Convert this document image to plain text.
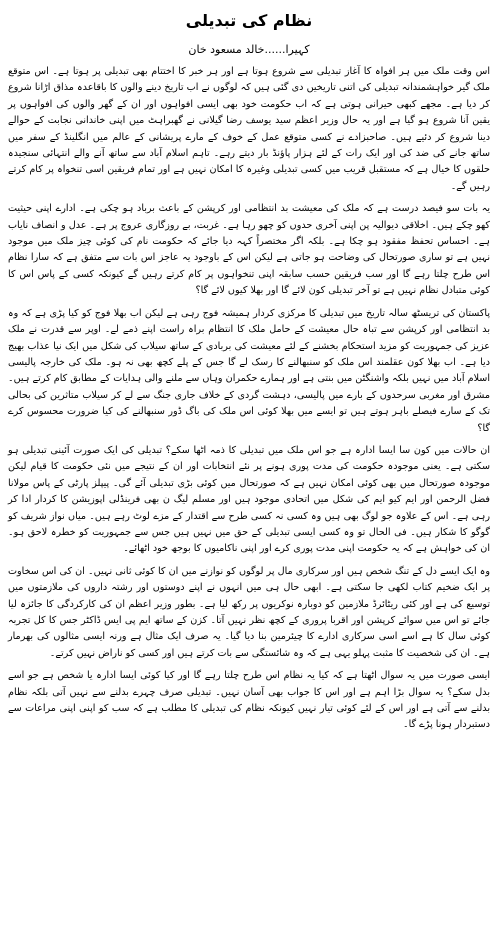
نظام کی تبدیلی
کہیرا......خالد مسعود خان
اس وقت ملک میں ہر افواہ کا آغاز تبدیلی سے شروع ہوتا ہے اور ہر خبر کا اختتام بھی تبدیلی پر ہوتا ہے۔ اس متوقع ملک گیر خواہشمندانہ تبدیلی کی اتنی تاریخیں دی گئی ہیں کہ لوگوں نے اب تاریخ دینے والوں کا باقاعدہ مذاق اڑانا شروع کر دیا ہے۔ مجھے کبھی حیرانی ہوتی ہے کہ اب حکومت خود بھی ایسی افواہوں اور ان کے گھر والوں کی افواہوں پر یقین آنا شروع ہو گیا ہے اور یہ حال وزیر اعظم سید یوسف رضا گیلانی نے گھبراہٹ میں اپنی خاندانی نجابت کے حوالے دینا شروع کر دئیے ہیں۔ صاحبزادے نے کسی متوقع عمل کے خوف کے مارے پریشانی کے عالم میں انگلینڈ کے سفر میں ساتھ جانے کی ضد کی اور ایک رات کے لئے ہزار پاؤنڈ بار دیتے رہے۔ تاہم اسلام آباد سے ساتھ آنے والے انتہائی سنجیدہ حلقوں کا خیال ہے کہ مستقبل قریب میں کسی تبدیلی وغیرہ کا امکان نہیں ہے اور تمام فریقین اسی تنخواہ پر کام کرتے رہیں گے۔
یہ بات سو فیصد درست ہے کہ ملک کی معیشت بد انتظامی اور کرپشن کے باعث برباد ہو چکی ہے۔ ادارے اپنی حیثیت کھو چکے ہیں۔ اخلاقی دیوالیہ پن اپنی آخری حدوں کو چھو رہا ہے۔ غربت، بے روزگاری عروج پر ہے۔ عدل و انصاف نایاب ہے۔ احساس تحفظ مفقود ہو چکا ہے۔ بلکہ اگر مختصراً کہہ دیا جائے کہ حکومت نام کی کوئی چیز ملک میں موجود نہیں ہے تو ساری صورتحال کی وضاحت ہو جاتی ہے لیکن اس کے باوجود یہ عاجز اس بات سے متفق ہے کہ سارا نظام اس طرح چلتا رہے گا اور سب فریقین حسب سابقہ اپنی تنخواہوں پر کام کرتے رہیں گے کیونکہ کسی کے پاس اس کا کوئی متبادل نظام نہیں ہے تو آخر تبدیلی کون لائے گا اور بھلا کیوں لائے گا؟
پاکستان کی تریسٹھ سالہ تاریخ میں تبدیلی کا مرکزی کردار ہمیشہ فوج رہی ہے لیکن اب بھلا فوج کو کیا پڑی ہے کہ وہ بد انتظامی اور کرپشن سے تباہ حال معیشت کے حامل ملک کا انتظام براہ راست اپنے ذمے لے۔ اوپر سے قدرت نے ملک عزیز کی جمہوریت کو مزید استحکام بخشنے کے لئے معیشت کی بربادی کے ساتھ سیلاب کی شکل میں ایک نیا عذاب بھیج دیا ہے۔ اب بھلا کون عقلمند اس ملک کو سنبھالنے کا رسک لے گا جس کے پلے کچھ بھی نہ ہو۔ ملک کی خارجہ پالیسی اسلام آباد میں نہیں بلکہ واشنگٹن میں بنتی ہے اور ہمارے حکمران وہاں سے ملنے والی ہدایات کے مطابق کام کرتے ہیں۔ مشرق اور مغربی سرحدوں کے بارے میں پالیسی، دہشت گردی کے خلاف جاری جنگ سے لے کر سیلاب متاثرین کی بحالی تک کے سارے فیصلے باہر ہوتے ہیں تو ایسے میں بھلا کوئی اس ملک کی باگ ڈور سنبھالنے کی کیا ضرورت محسوس کرے گا؟
ان حالات میں کون سا ایسا ادارہ ہے جو اس ملک میں تبدیلی کا ذمہ اٹھا سکے؟ تبدیلی کی ایک صورت آئینی تبدیلی ہو سکتی ہے۔ یعنی موجودہ حکومت کی مدت پوری ہونے پر نئے انتخابات اور ان کے نتیجے میں نئی حکومت کا قیام لیکن موجودہ صورتحال میں بھی کوئی امکان نہیں ہے کہ صورتحال میں کوئی بڑی تبدیلی آئے گی۔ پیپلز پارٹی کے پاس مولانا فضل الرحمن اور ایم کیو ایم کی شکل میں اتحادی موجود ہیں اور مسلم لیگ ن بھی فرینڈلی اپوزیشن کا کردار ادا کر رہی ہے۔ اس کے علاوہ جو لوگ بھی ہیں وہ کسی نہ کسی طرح سے اقتدار کے مزے لوٹ رہے ہیں۔ میاں نواز شریف کو گوگو کا شکار ہیں۔ فی الحال تو وہ کسی ایسی تبدیلی کے حق میں نہیں ہیں جس سے جمہوریت کو خطرہ لاحق ہو۔ ان کی خواہش ہے کہ یہ حکومت اپنی مدت پوری کرے اور اپنی ناکامیوں کا بوجھ خود اٹھائے۔
وہ ایک ایسے دل کے تنگ شخص ہیں اور سرکاری مال پر لوگوں کو نوازنے میں ان کا کوئی ثانی نہیں۔ ان کی اس سخاوت پر ایک ضخیم کتاب لکھی جا سکتی ہے۔ ابھی حال ہی میں انہوں نے اپنے دوستوں اور رشتہ داروں کی ملازمتوں میں توسیع کی ہے اور کئی ریٹائرڈ ملازمین کو دوبارہ نوکریوں پر رکھ لیا ہے۔ بطور وزیر اعظم ان کی کارکردگی کا جائزہ لیا جائے تو اس میں سوائے کرپشن اور اقربا پروری کے کچھ نظر نہیں آتا۔ کزن کے ساتھ ایم پی ایس ڈاکٹر جس کا کل تجربہ کوئی سال کا ہے اسے اسی سرکاری ادارے کا چیئرمین بنا دیا گیا۔ یہ صرف ایک مثال ہے ورنہ ایسی مثالوں کی بھرمار ہے۔ ان کی شخصیت کا مثبت پہلو یہی ہے کہ وہ شائستگی سے بات کرتے ہیں اور کسی کو ناراض نہیں کرتے۔
ایسی صورت میں یہ سوال اٹھتا ہے کہ کیا یہ نظام اس طرح چلتا رہے گا اور کیا کوئی ایسا ادارہ یا شخص ہے جو اسے بدل سکے؟ یہ سوال بڑا اہم ہے اور اس کا جواب بھی آسان نہیں۔ تبدیلی صرف چہرے بدلنے سے نہیں آتی بلکہ نظام بدلنے سے آتی ہے اور اس کے لئے کوئی تیار نہیں کیونکہ نظام کی تبدیلی کا مطلب ہے کہ سب کو اپنی اپنی مراعات سے دستبردار ہونا پڑے گا۔
